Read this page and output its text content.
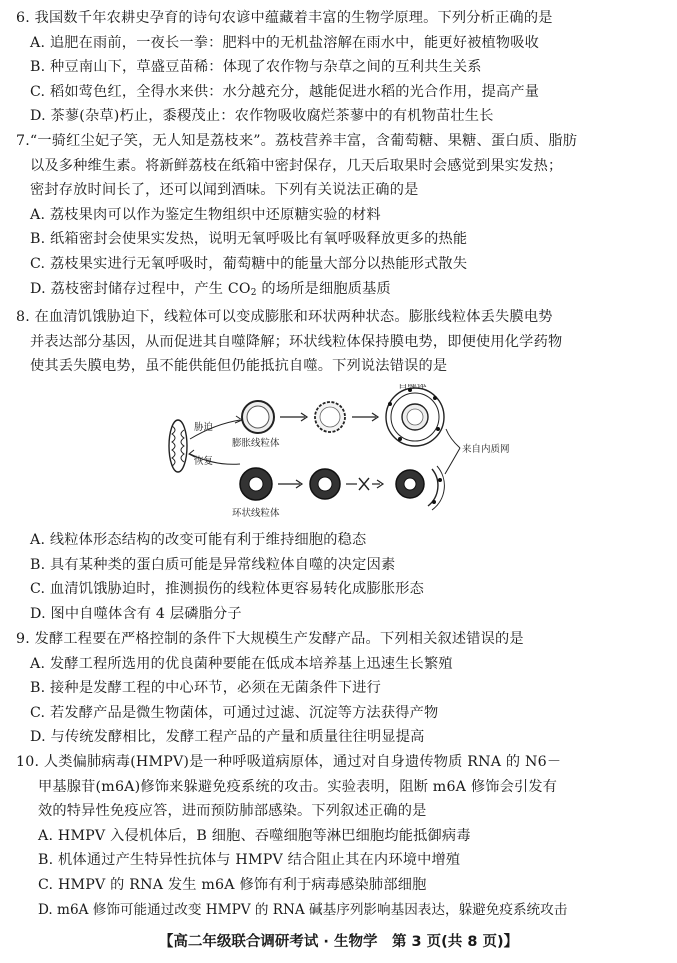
6. 我国数千年农耕史孕育的诗句农谚中蕴藏着丰富的生物学原理。下列分析正确的是

A. 追肥在雨前，一夜长一拳：肥料中的无机盐溶解在雨水中，能更好被植物吸收

B. 种豆南山下，草盛豆苗稀：体现了农作物与杂草之间的互利共生关系

C. 稻如莺色红，全得水来供：水分越充分，越能促进水稻的光合作用，提高产量

D. 茶蓼(杂草)朽止，黍稷茂止：农作物吸收腐烂茶蓼中的有机物苗壮生长

7.“一骑红尘妃子笑，无人知是荔枝来”。荔枝营养丰富，含葡萄糖、果糖、蛋白质、脂肪

以及多种维生素。将新鲜荔枝在纸箱中密封保存，几天后取果时会感觉到果实发热；

密封存放时间长了，还可以闻到酒味。下列有关说法正确的是

A. 荔枝果肉可以作为鉴定生物组织中还原糖实验的材料

B. 纸箱密封会使果实发热，说明无氧呼吸比有氧呼吸释放更多的热能

C. 荔枝果实进行无氧呼吸时，葡萄糖中的能量大部分以热能形式散失

D. 荔枝密封储存过程中，产生 $CO_2$ 的场所是细胞质基质

8. 在血清饥饿胁迫下，线粒体可以变成膨胀和环状两种状态。膨胀线粒体丢失膜电势

并表达部分基因，从而促进其自噬降解；环状线粒体保持膜电势，即便使用化学药物

使其丢失膜电势，虽不能供能但仍能抵抗自噬。下列说法错误的是

胁迫
恢复
膨胀线粒体
环状线粒体
自噬体
来自内质网

A. 线粒体形态结构的改变可能有利于维持细胞的稳态

B. 具有某种类的蛋白质可能是异常线粒体自噬的决定因素

C. 血清饥饿胁迫时，推测损伤的线粒体更容易转化成膨胀形态

D. 图中自噬体含有 4 层磷脂分子

9. 发酵工程要在严格控制的条件下大规模生产发酵产品。下列相关叙述错误的是

A. 发酵工程所选用的优良菌种要能在低成本培养基上迅速生长繁殖

B. 接种是发酵工程的中心环节，必须在无菌条件下进行

C. 若发酵产品是微生物菌体，可通过过滤、沉淀等方法获得产物

D. 与传统发酵相比，发酵工程产品的产量和质量往往明显提高

10. 人类偏肺病毒(HMPV)是一种呼吸道病原体，通过对自身遗传物质 RNA 的 N6－

甲基腺苷(m6A)修饰来躲避免疫系统的攻击。实验表明，阻断 m6A 修饰会引发有

效的特异性免疫应答，进而预防肺部感染。下列叙述正确的是

A. HMPV 入侵机体后，B 细胞、吞噬细胞等淋巴细胞均能抵御病毒

B. 机体通过产生特异性抗体与 HMPV 结合阻止其在内环境中增殖

C. HMPV 的 RNA 发生 m6A 修饰有利于病毒感染肺部细胞

D. m6A 修饰可能通过改变 HMPV 的 RNA 碱基序列影响基因表达，躲避免疫系统攻击

【高二年级联合调研考试 · 生物学　第 3 页(共 8 页)】
